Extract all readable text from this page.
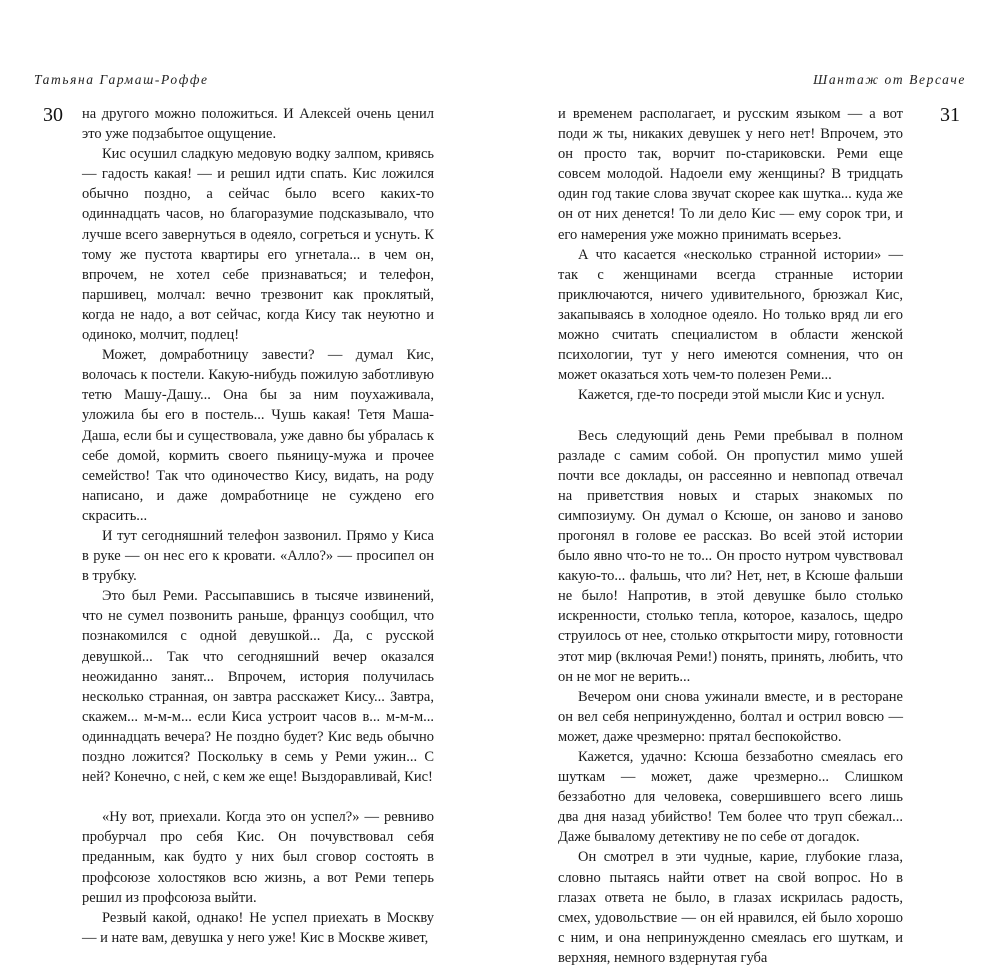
Татьяна Гармаш-Роффе
30 на другого можно положиться. И Алексей очень ценил это уже подзабытое ощущение.

Кис осушил сладкую медовую водку залпом, кривясь — гадость какая! — и решил идти спать. Кис ложился обычно поздно, а сейчас было всего каких-то одиннадцать часов, но благоразумие подсказывало, что лучше всего завернуться в одеяло, согреться и уснуть. К тому же пустота квартиры его угнетала... в чем он, впрочем, не хотел себе признаваться; и телефон, паршивец, молчал: вечно трезвонит как проклятый, когда не надо, а вот сейчас, когда Кису так неуютно и одиноко, молчит, подлец!

Может, домработницу завести? — думал Кис, волочась к постели. Какую-нибудь пожилую заботливую тетю Машу-Дашу... Она бы за ним поухаживала, уложила бы его в постель... Чушь какая! Тетя Маша-Даша, если бы и существовала, уже давно бы убралась к себе домой, кормить своего пьяницу-мужа и прочее семейство! Так что одиночество Кису, видать, на роду написано, и даже домработнице не суждено его скрасить...

И тут сегодняшний телефон зазвонил. Прямо у Киса в руке — он нес его к кровати. «Алло?» — просипел он в трубку.

Это был Реми. Рассыпавшись в тысяче извинений, что не сумел позвонить раньше, француз сообщил, что познакомился с одной девушкой... Да, с русской девушкой... Так что сегодняшний вечер оказался неожиданно занят... Впрочем, история получилась несколько странная, он завтра расскажет Кису... Завтра, скажем... м-м-м... если Киса устроит часов в... м-м-м... одиннадцать вечера? Не поздно будет? Кис ведь обычно поздно ложится? Поскольку в семь у Реми ужин... С ней? Конечно, с ней, с кем же еще! Выздоравливай, Кис!

«Ну вот, приехали. Когда это он успел?» — ревниво пробурчал про себя Кис. Он почувствовал себя преданным, как будто у них был сговор состоять в профсоюзе холостяков всю жизнь, а вот Реми теперь решил из профсоюза выйти.

Резвый какой, однако! Не успел приехать в Москву — и нате вам, девушка у него уже! Кис в Москве живет,

Шантаж от Версаче
31

и временем располагает, и русским языком — а вот поди ж ты, никаких девушек у него нет! Впрочем, это он просто так, ворчит по-стариковски. Реми еще совсем молодой. Надоели ему женщины? В тридцать один год такие слова звучат скорее как шутка... куда же он от них денется! То ли дело Кис — ему сорок три, и его намерения уже можно принимать всерьез.

А что касается «несколько странной истории» — так с женщинами всегда странные истории приключаются, ничего удивительного, брюзжал Кис, закапываясь в холодное одеяло. Но только вряд ли его можно считать специалистом в области женской психологии, тут у него имеются сомнения, что он может оказаться хоть чем-то полезен Реми...

Кажется, где-то посреди этой мысли Кис и уснул.

Весь следующий день Реми пребывал в полном разладе с самим собой. Он пропустил мимо ушей почти все доклады, он рассеянно и невпопад отвечал на приветствия новых и старых знакомых по симпозиуму. Он думал о Ксюше, он заново и заново прогонял в голове ее рассказ. Во всей этой истории было явно что-то не то... Он просто нутром чувствовал какую-то... фальшь, что ли? Нет, нет, в Ксюше фальши не было! Напротив, в этой девушке было столько искренности, столько тепла, которое, казалось, щедро струилось от нее, столько открытости миру, готовности этот мир (включая Реми!) понять, принять, любить, что он не мог не верить...

Вечером они снова ужинали вместе, и в ресторане он вел себя непринужденно, болтал и острил вовсю — может, даже чрезмерно: прятал беспокойство.

Кажется, удачно: Ксюша беззаботно смеялась его шуткам — может, даже чрезмерно... Слишком беззаботно для человека, совершившего всего лишь два дня назад убийство! Тем более что труп сбежал... Даже бывалому детективу не по себе от догадок.

Он смотрел в эти чудные, карие, глубокие глаза, словно пытаясь найти ответ на свой вопрос. Но в глазах ответа не было, в глазах искрилась радость, смех, удовольствие — он ей нравился, ей было хорошо с ним, и она непринужденно смеялась его шуткам, и верхняя, немного вздернутая губа
